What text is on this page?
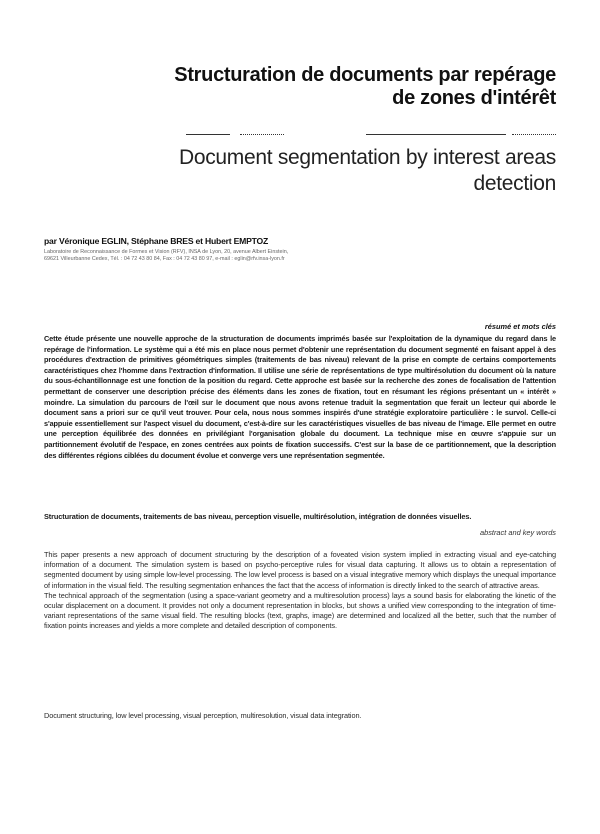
Structuration de documents par repérage de zones d'intérêt
Document segmentation by interest areas detection
par Véronique EGLIN, Stéphane BRES et Hubert EMPTOZ
Laboratoire de Reconnaissance de Formes et Vision (RFV), INSA de Lyon, 20, avenue Albert Einstein, 69621 Villeurbanne Cedex, Tél. : 04 72 43 80 84, Fax : 04 72 43 80 97, e-mail : eglin@rfv.insa-lyon.fr
résumé et mots clés
Cette étude présente une nouvelle approche de la structuration de documents imprimés basée sur l'exploitation de la dynamique du regard dans le repérage de l'information. Le système qui a été mis en place nous permet d'obtenir une représentation du document segmenté en faisant appel à des procédures d'extraction de primitives géométriques simples (traitements de bas niveau) relevant de la prise en compte de certains comportements caractéristiques chez l'homme dans l'extraction d'information. Il utilise une série de représentations de type multirésolution du document où la nature du sous-échantillonnage est une fonction de la position du regard. Cette approche est basée sur la recherche des zones de focalisation de l'attention permettant de conserver une description précise des éléments dans les zones de fixation, tout en résumant les régions présentant un « intérêt » moindre. La simulation du parcours de l'œil sur le document que nous avons retenue traduit la segmentation que ferait un lecteur qui aborde le document sans a priori sur ce qu'il veut trouver. Pour cela, nous nous sommes inspirés d'une stratégie exploratoire particulière : le survol. Celle-ci s'appuie essentiellement sur l'aspect visuel du document, c'est-à-dire sur les caractéristiques visuelles de bas niveau de l'image. Elle permet en outre une perception équilibrée des données en privilégiant l'organisation globale du document. La technique mise en œuvre s'appuie sur un partitionnement évolutif de l'espace, en zones centrées aux points de fixation successifs. C'est sur la base de ce partitionnement, que la description des différentes régions ciblées du document évolue et converge vers une représentation segmentée.
Structuration de documents, traitements de bas niveau, perception visuelle, multirésolution, intégration de données visuelles.
abstract and key words

This paper presents a new approach of document structuring by the description of a foveated vision system implied in extracting visual and eye-catching information of a document. The simulation system is based on psycho-perceptive rules for visual data capturing. It allows us to obtain a representation of segmented document by using simple low-level processing. The low level process is based on a visual integrative memory which displays the unequal importance of information in the visual field. The resulting segmentation enhances the fact that the access of information is directly linked to the search of attractive areas.

The technical approach of the segmentation (using a space-variant geometry and a multiresolution process) lays a sound basis for elaborating the kinetic of the ocular displacement on a document. It provides not only a document representation in blocks, but shows a unified view corresponding to the integration of time-variant representations of the same visual field. The resulting blocks (text, graphs, image) are determined and localized all the better, such that the number of fixation points increases and yields a more complete and detailed description of components.

Document structuring, low level processing, visual perception, multiresolution, visual data integration.
